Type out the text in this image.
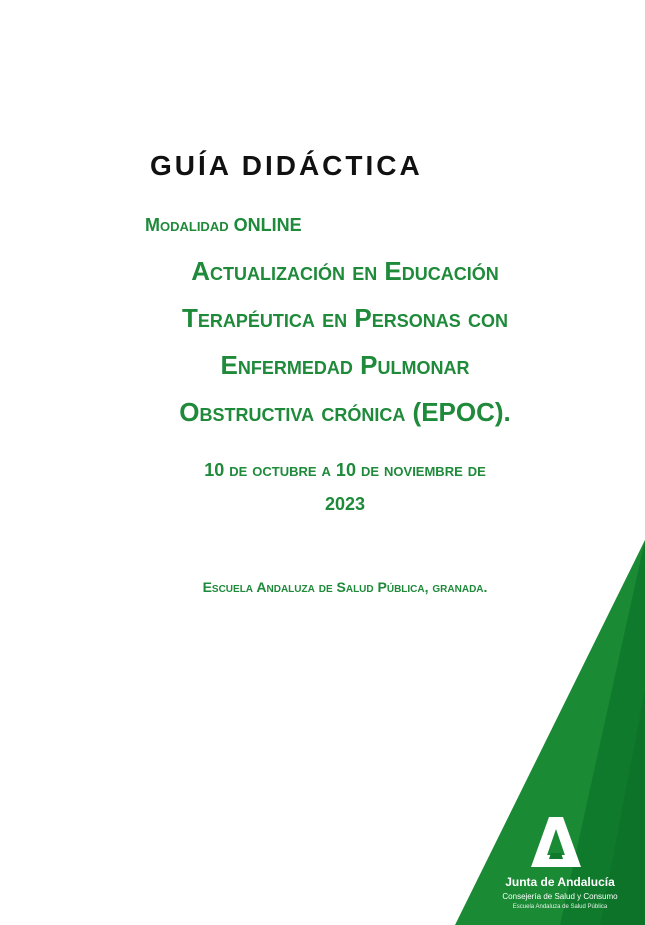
GUÍA DIDÁCTICA
Modalidad ONLINE
Actualización en Educación
Terapéutica en Personas con
Enfermedad Pulmonar
Obstructiva crónica (EPOC).
10 de octubre a 10 de noviembre de
2023
Escuela Andaluza de Salud Pública, granada.
Junta de Andalucía
Consejería de Salud y Consumo
Escuela Andaluza de Salud Pública
